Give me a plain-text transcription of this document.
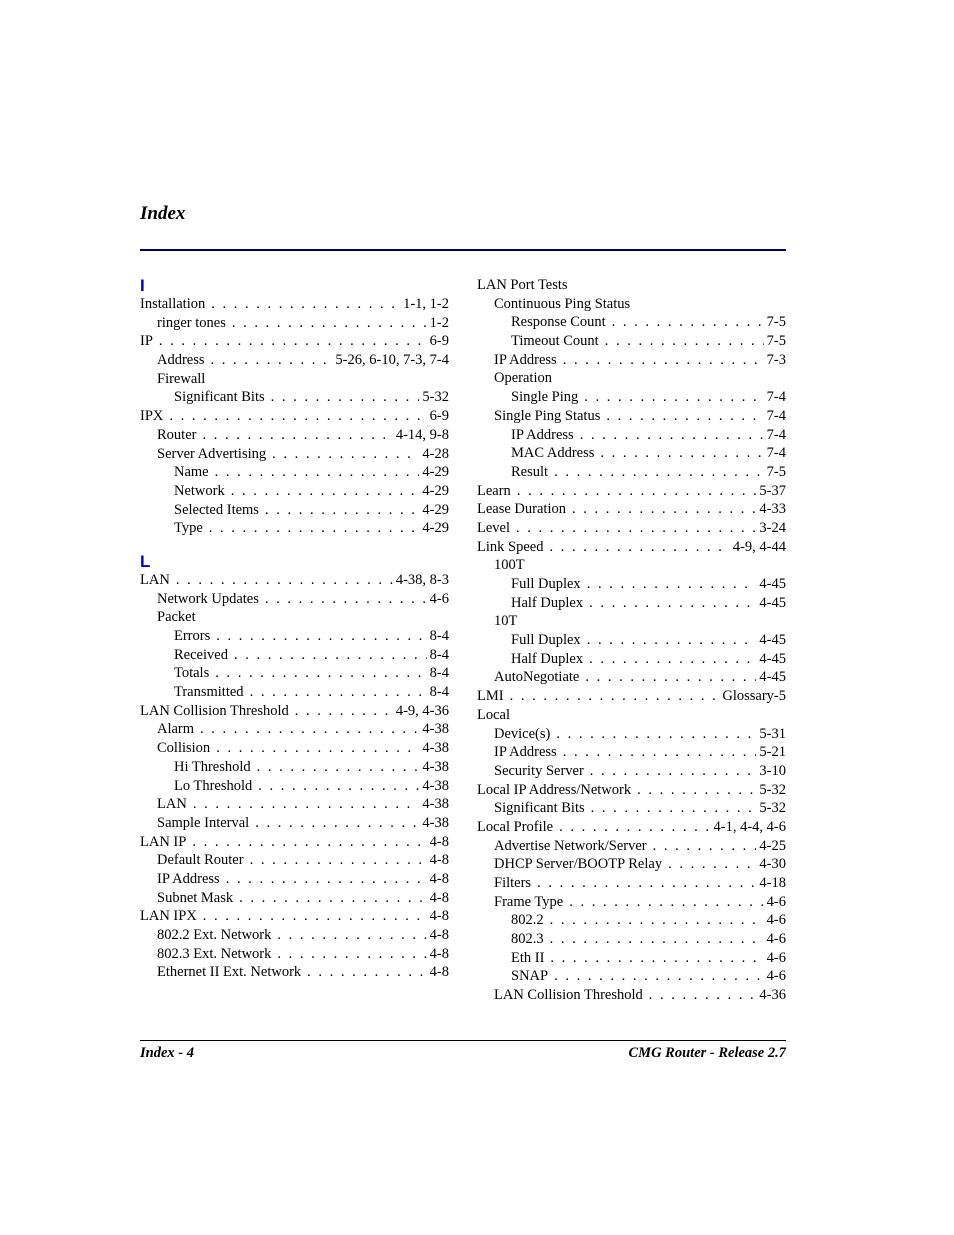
Index
I
Installation . . .	1-1, 1-2
ringer tones . . .	1-2
IP . . .	6-9
Address . . .	5-26, 6-10, 7-3, 7-4
Firewall
Significant Bits . . .	5-32
IPX . . .	6-9
Router . . .	4-14, 9-8
Server Advertising . . .	4-28
Name . . .	4-29
Network . . .	4-29
Selected Items . . .	4-29
Type . . .	4-29
L
LAN . . .	4-38, 8-3
Network Updates . . .	4-6
Packet
Errors . . .	8-4
Received . . .	8-4
Totals . . .	8-4
Transmitted . . .	8-4
LAN Collision Threshold . . .	4-9, 4-36
Alarm . . .	4-38
Collision . . .	4-38
Hi Threshold . . .	4-38
Lo Threshold . . .	4-38
LAN . . .	4-38
Sample Interval . . .	4-38
LAN IP . . .	4-8
Default Router . . .	4-8
IP Address . . .	4-8
Subnet Mask . . .	4-8
LAN IPX . . .	4-8
802.2 Ext. Network . . .	4-8
802.3 Ext. Network . . .	4-8
Ethernet II Ext. Network . . .	4-8
LAN Port Tests
Continuous Ping Status
Response Count . . .	7-5
Timeout Count . . .	7-5
IP Address . . .	7-3
Operation
Single Ping . . .	7-4
Single Ping Status . . .	7-4
IP Address . . .	7-4
MAC Address . . .	7-4
Result . . .	7-5
Learn . . .	5-37
Lease Duration . . .	4-33
Level . . .	3-24
Link Speed . . .	4-9, 4-44
100T
Full Duplex . . .	4-45
Half Duplex . . .	4-45
10T
Full Duplex . . .	4-45
Half Duplex . . .	4-45
AutoNegotiate . . .	4-45
LMI . . .	Glossary-5
Local
Device(s) . . .	5-31
IP Address . . .	5-21
Security Server . . .	3-10
Local IP Address/Network . . .	5-32
Significant Bits . . .	5-32
Local Profile . . .	4-1, 4-4, 4-6
Advertise Network/Server . . .	4-25
DHCP Server/BOOTP Relay . . .	4-30
Filters . . .	4-18
Frame Type . . .	4-6
802.2 . . .	4-6
802.3 . . .	4-6
Eth II . . .	4-6
SNAP . . .	4-6
LAN Collision Threshold . . .	4-36
Index - 4	CMG Router - Release 2.7
